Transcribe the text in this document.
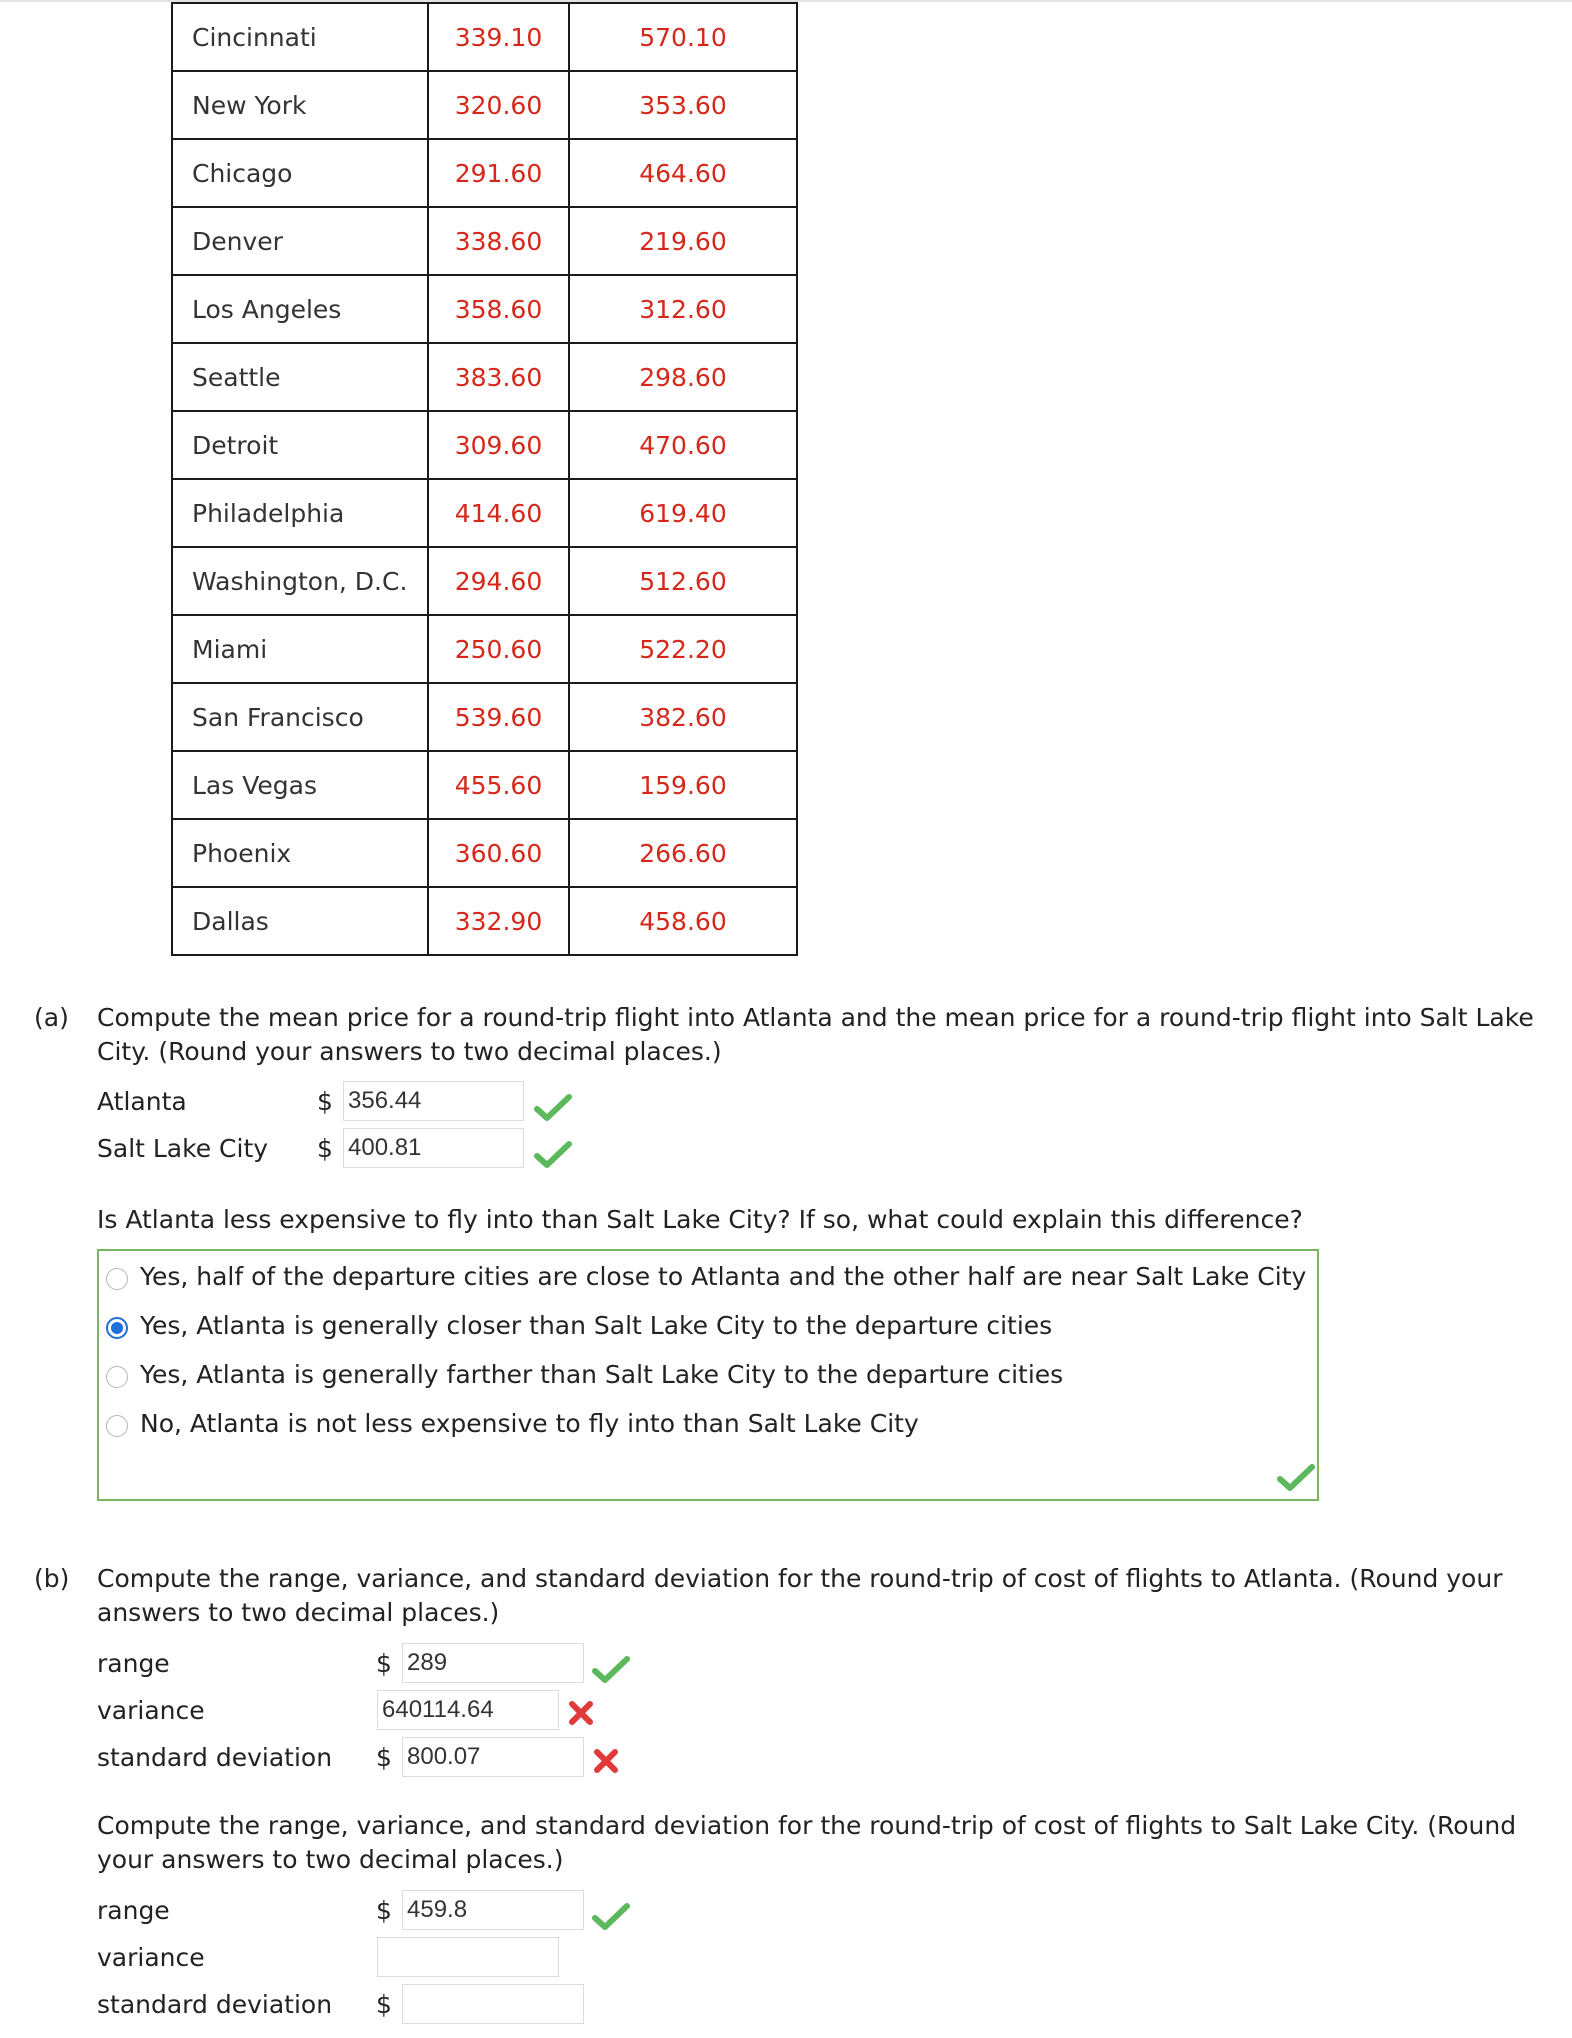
Cincinnati	339.10	570.10
New York	320.60	353.60
Chicago	291.60	464.60
Denver	338.60	219.60
Los Angeles	358.60	312.60
Seattle	383.60	298.60
Detroit	309.60	470.60
Philadelphia	414.60	619.40
Washington, D.C.	294.60	512.60
Miami	250.60	522.20
San Francisco	539.60	382.60
Las Vegas	455.60	159.60
Phoenix	360.60	266.60
Dallas	332.90	458.60
(a) Compute the mean price for a round-trip flight into Atlanta and the mean price for a round-trip flight into Salt Lake City. (Round your answers to two decimal places.)
Atlanta	$ 356.44
Salt Lake City $ 400.81
Is Atlanta less expensive to fly into than Salt Lake City? If so, what could explain this difference?
Yes, half of the departure cities are close to Atlanta and the other half are near Salt Lake City
Yes, Atlanta is generally closer than Salt Lake City to the departure cities
Yes, Atlanta is generally farther than Salt Lake City to the departure cities
No, Atlanta is not less expensive to fly into than Salt Lake City
(b) Compute the range, variance, and standard deviation for the round-trip of cost of flights to Atlanta. (Round your answers to two decimal places.)
range	$ 289
variance	640114.64
standard deviation $ 800.07
Compute the range, variance, and standard deviation for the round-trip of cost of flights to Salt Lake City. (Round your answers to two decimal places.)
range	$ 459.8
variance
standard deviation $
